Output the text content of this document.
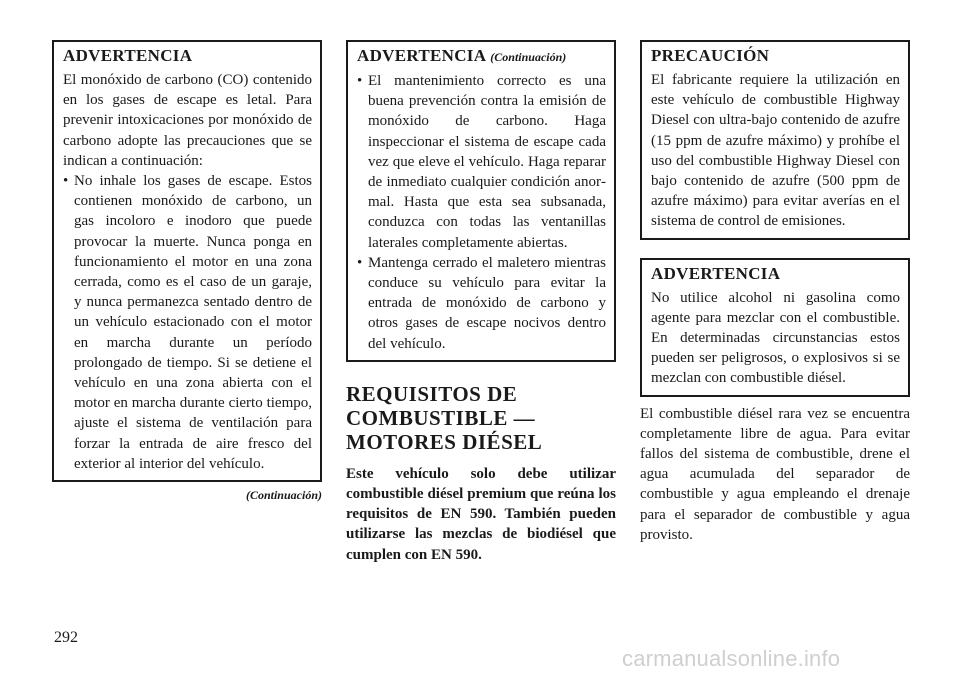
ADVERTENCIA

El monóxido de carbono (CO) contenido en los gases de escape es letal. Para prevenir intoxicaciones por monóxido de carbono adopte las precauciones que se indican a continuación:

• No inhale los gases de escape. Estos contienen monóxido de carbono, un gas incoloro e inodoro que puede provocar la muerte. Nunca ponga en funcionamiento el motor en una zona cerrada, como es el caso de un garaje, y nunca permanezca sentado dentro de un vehículo estacionado con el motor en marcha durante un período prolongado de tiempo. Si se detiene el vehículo en una zona abierta con el motor en marcha durante cierto tiempo, ajuste el sistema de ventilación para forzar la entrada de aire fresco del exterior al interior del vehículo.
(Continuación)
ADVERTENCIA (Continuación)
• El mantenimiento correcto es una buena prevención contra la emisión de monóxido de carbono. Haga inspeccionar el sistema de escape cada vez que eleve el vehículo. Haga reparar de inmediato cualquier condición anormal. Hasta que esta sea subsanada, conduzca con todas las ventanillas laterales completamente abiertas.
• Mantenga cerrado el maletero mientras conduce su vehículo para evitar la entrada de monóxido de carbono y otros gases de escape nocivos dentro del vehículo.
REQUISITOS DE COMBUSTIBLE — MOTORES DIÉSEL

Este vehículo solo debe utilizar combustible diésel premium que reúna los requisitos de EN 590. También pueden utilizarse las mezclas de biodiésel que cumplen con EN 590.

PRECAUCIÓN

El fabricante requiere la utilización en este vehículo de combustible Highway Diesel con ultra-bajo contenido de azufre (15 ppm de azufre máximo) y prohíbe el uso del combustible Highway Diesel con bajo contenido de azufre (500 ppm de azufre máximo) para evitar averías en el sistema de control de emisiones.

ADVERTENCIA

No utilice alcohol ni gasolina como agente para mezclar con el combustible. En determinadas circunstancias estos pueden ser peligrosos, o explosivos si se mezclan con combustible diésel.

El combustible diésel rara vez se encuentra completamente libre de agua. Para evitar fallos del sistema de combustible, drene el agua acumulada del separador de combustible y agua empleando el drenaje para el separador de combustible y agua provisto.

292
carmanualsonline.info
